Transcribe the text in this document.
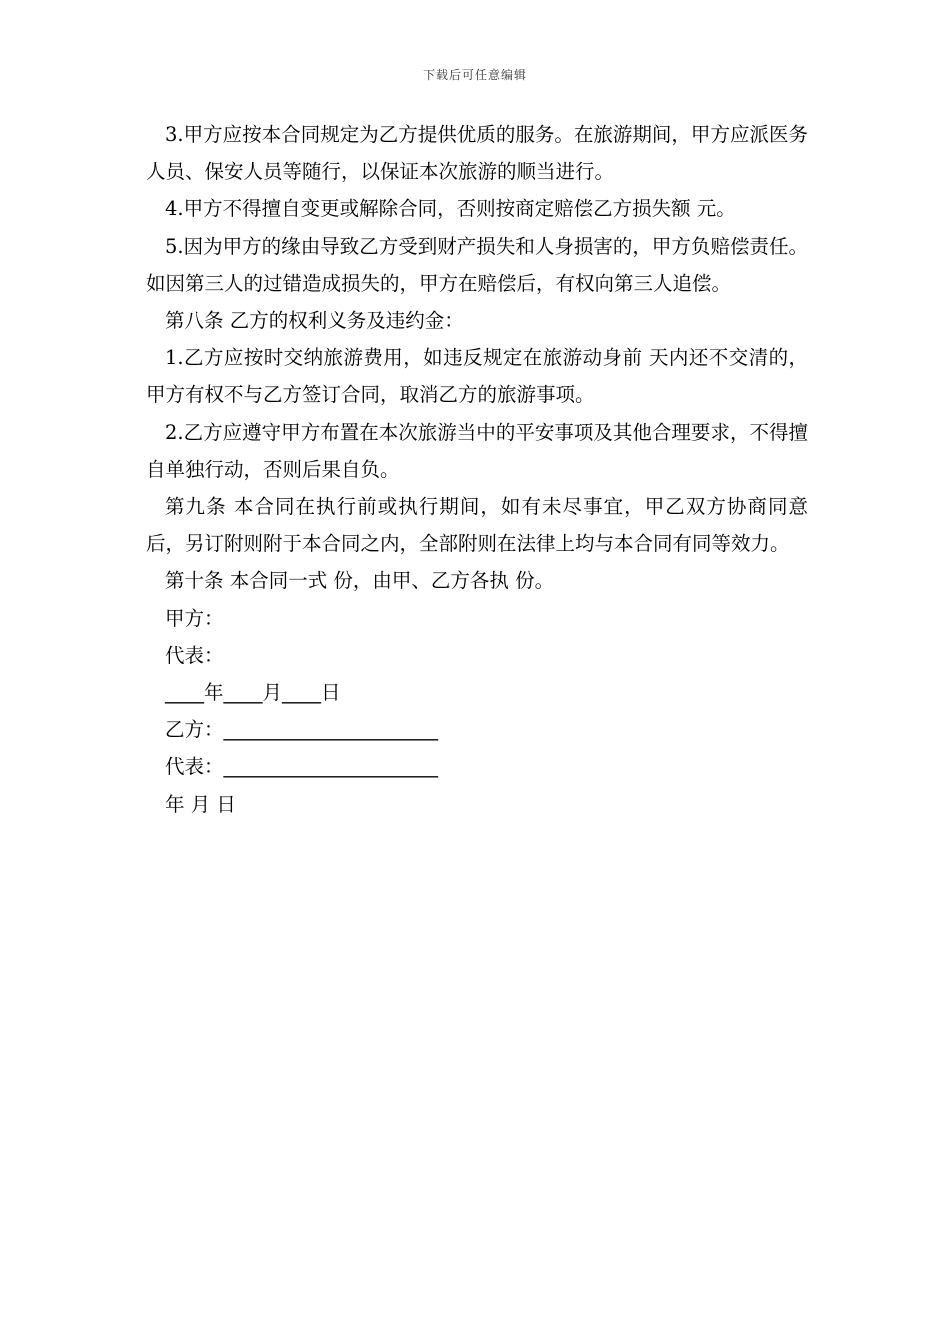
下载后可任意编辑

3.甲方应按本合同规定为乙方提供优质的服务。在旅游期间，甲方应派医务人员、保安人员等随行，以保证本次旅游的顺当进行。

4.甲方不得擅自变更或解除合同，否则按商定赔偿乙方损失额 元。

5.因为甲方的缘由导致乙方受到财产损失和人身损害的，甲方负赔偿责任。如因第三人的过错造成损失的，甲方在赔偿后，有权向第三人追偿。

第八条 乙方的权利义务及违约金：

1.乙方应按时交纳旅游费用，如违反规定在旅游动身前 天内还不交清的，甲方有权不与乙方签订合同，取消乙方的旅游事项。

2.乙方应遵守甲方布置在本次旅游当中的平安事项及其他合理要求，不得擅自单独行动，否则后果自负。

第九条 本合同在执行前或执行期间，如有未尽事宜，甲乙双方协商同意后，另订附则附于本合同之内，全部附则在法律上均与本合同有同等效力。

第十条 本合同一式 份，由甲、乙方各执 份。

甲方：

代表：

____年____月____日

乙方：______________________

代表：______________________

年 月 日
